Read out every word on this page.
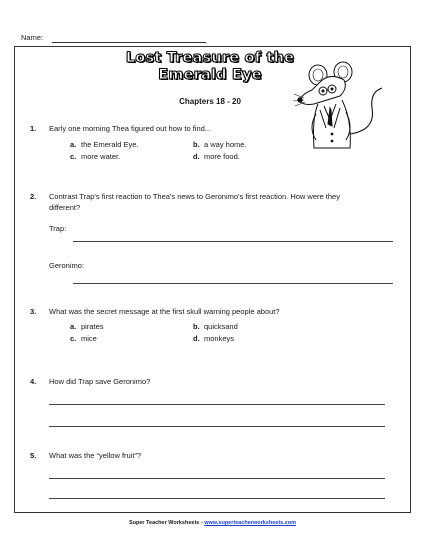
Name:
Lost Treasure of the
Emerald Eye
Chapters 18 - 20
1. Early one morning Thea figured out how to find...
a. the Emerald Eye.	b. a way home.
c. more water.	d. more food.
2. Contrast Trap's first reaction to Thea's news to Geronimo's first reaction. How were they
different?
Trap:
Geronimo:
3. What was the secret message at the first skull warning people about?
a. pirates	b. quicksand
c. mice	d. monkeys
4. How did Trap save Geronimo?
5. What was the “yellow fruit”?
Super Teacher Worksheets - www.superteacherworksheets.com
